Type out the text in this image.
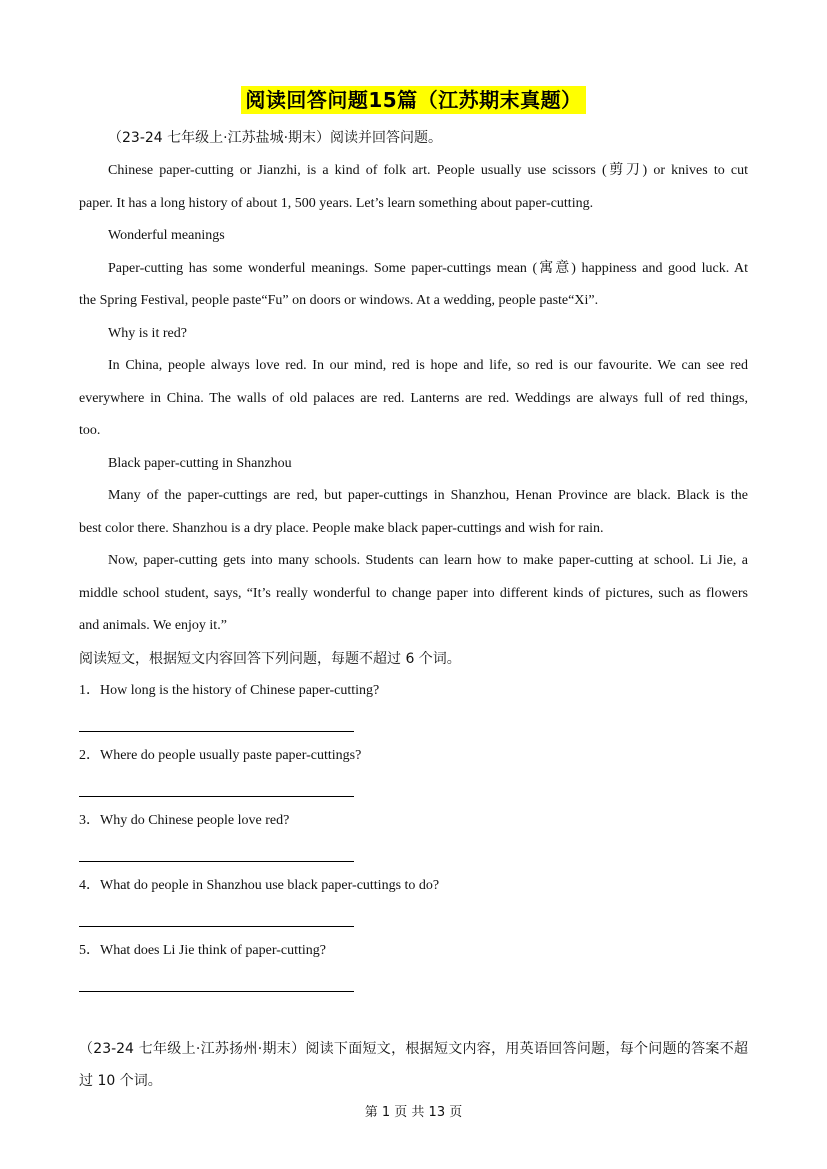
阅读回答问题15篇（江苏期末真题）
（23-24 七年级上·江苏盐城·期末）阅读并回答问题。
Chinese paper-cutting or Jianzhi, is a kind of folk art. People usually use scissors (剪刀) or knives to cut
paper. It has a long history of about 1, 500 years. Let’s learn something about paper-cutting.
Wonderful meanings
Paper-cutting has some wonderful meanings. Some paper-cuttings mean (寓意) happiness and good luck. At
the Spring Festival, people paste“Fu” on doors or windows. At a wedding, people paste“Xi”.
Why is it red?
In China, people always love red. In our mind, red is hope and life, so red is our favourite. We can see red
everywhere in China. The walls of old palaces are red. Lanterns are red. Weddings are always full of red things,
too.
Black paper-cutting in Shanzhou
Many of the paper-cuttings are red, but paper-cuttings in Shanzhou, Henan Province are black. Black is the
best color there. Shanzhou is a dry place. People make black paper-cuttings and wish for rain.
Now, paper-cutting gets into many schools. Students can learn how to make paper-cutting at school. Li Jie, a
middle school student, says, “It’s really wonderful to change paper into different kinds of pictures, such as flowers
and animals. We enjoy it.”
阅读短文，根据短文内容回答下列问题，每题不超过 6 个词。
1．How long is the history of Chinese paper-cutting?
2．Where do people usually paste paper-cuttings?
3．Why do Chinese people love red?
4．What do people in Shanzhou use black paper-cuttings to do?
5．What does Li Jie think of paper-cutting?
（23-24 七年级上·江苏扬州·期末）阅读下面短文，根据短文内容，用英语回答问题，每个问题的答案不超
过 10 个词。
第 1 页 共 13 页
